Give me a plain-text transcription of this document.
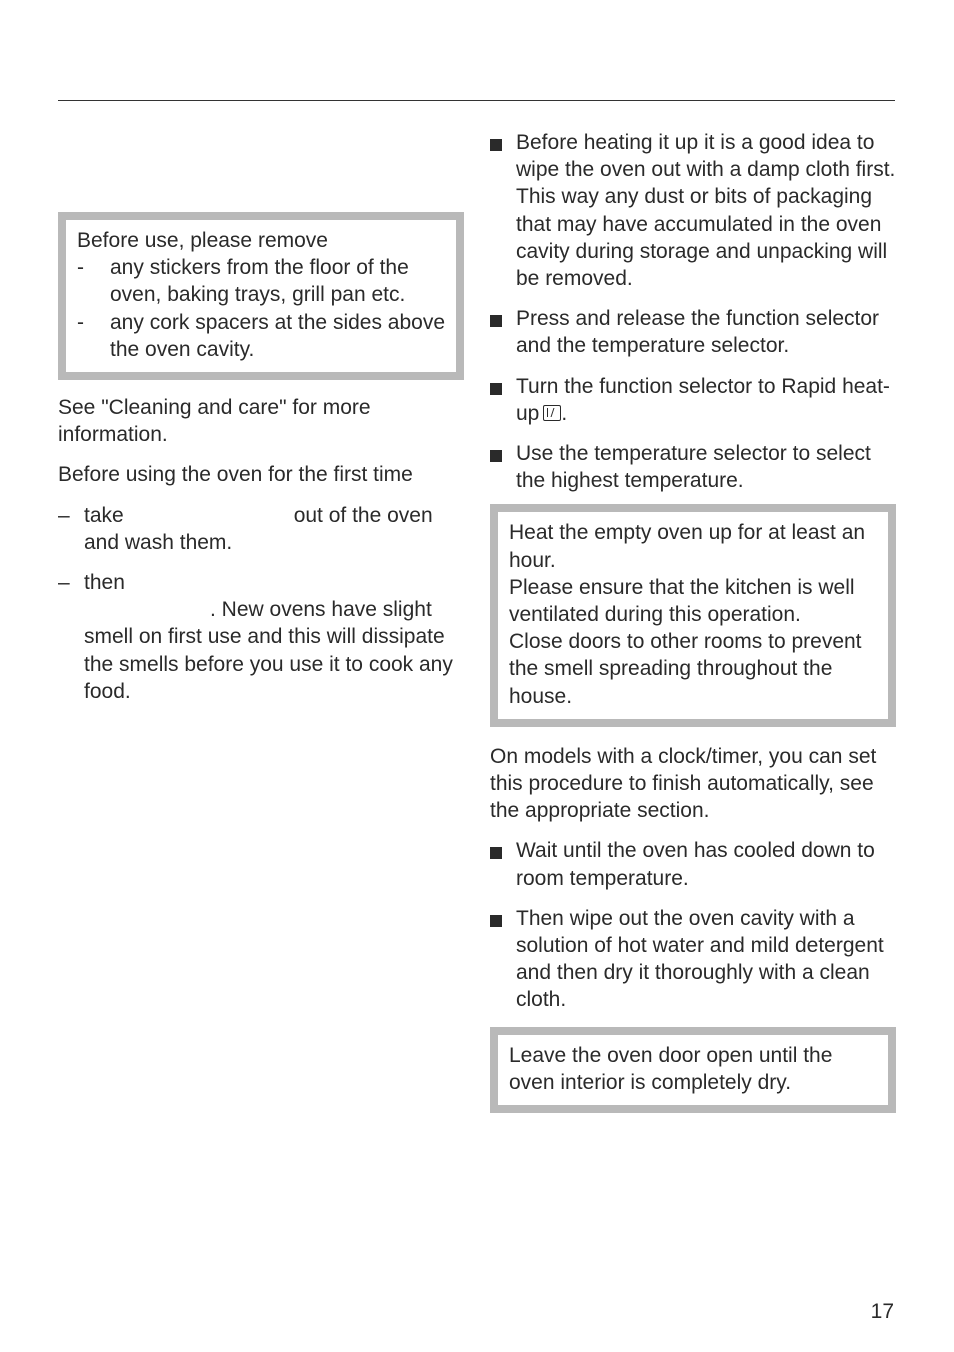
Before use, please remove

- any stickers from the floor of the oven, baking trays, grill pan etc.
- any cork spacers at the sides above the oven cavity.

See "Cleaning and care" for more information.

Before using the oven for the first time

– take	out of the oven and wash them.
– then
. New ovens have slight smell on first use and this will dissipate the smells before you use it to cook any food.
Before heating it up it is a good idea to wipe the oven out with a damp cloth first. This way any dust or bits of packaging that may have accumulated in the oven cavity during storage and unpacking will be removed.
Press and release the function selector and the temperature selector.
Turn the function selector to Rapid heat-up .
Use the temperature selector to select the highest temperature.

Heat the empty oven up for at least an hour.

Please ensure that the kitchen is well ventilated during this operation.

Close doors to other rooms to prevent the smell spreading throughout the house.

On models with a clock/timer, you can set this procedure to finish automatically, see the appropriate section.

Wait until the oven has cooled down to room temperature.
Then wipe out the oven cavity with a solution of hot water and mild detergent and then dry it thoroughly with a clean cloth.

Leave the oven door open until the oven interior is completely dry.

17
